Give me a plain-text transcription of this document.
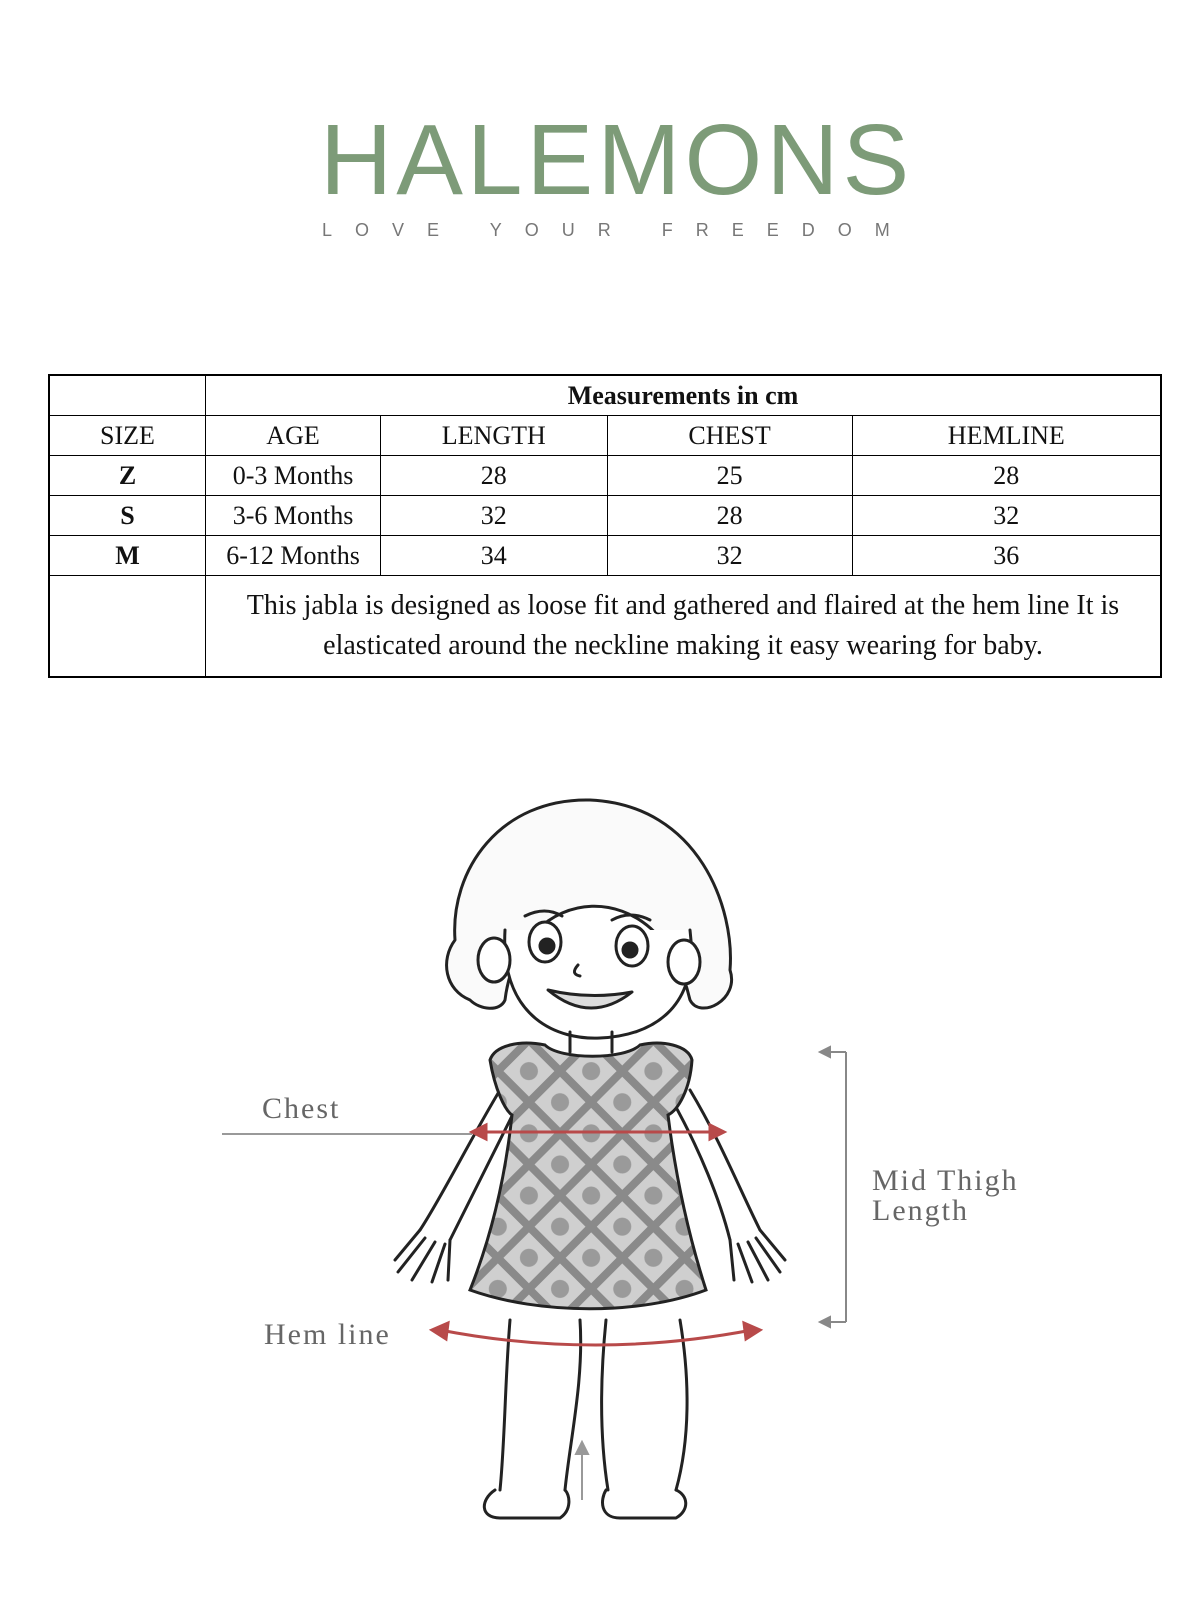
HALEMONS
LOVE YOUR FREEDOM
	Measurements in cm			
SIZE	AGE	LENGTH	CHEST	HEMLINE
Z	0-3 Months	28	25	28
S	3-6 Months	32	28	32
M	6-12 Months	34	32	36
	This jabla is designed as loose fit and gathered and flaired at the hem line It is elasticated around the neckline making it easy wearing for baby.			
Chest
Hem line
Mid Thigh
Length
